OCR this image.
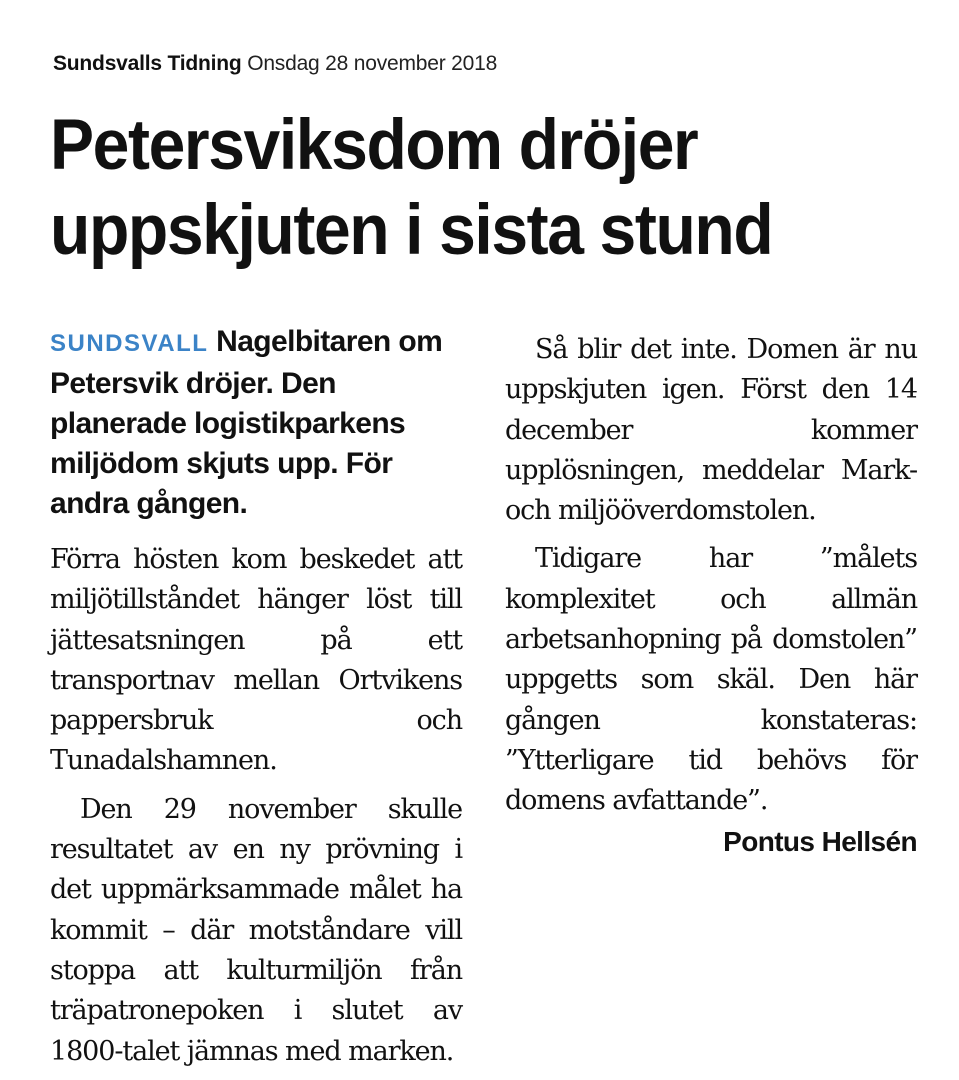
Sundsvalls Tidning Onsdag 28 november 2018
Petersviksdom dröjer
uppskjuten i sista stund

SUNDSVALL Nagelbitaren om Petersvik dröjer. Den planerade logistikparkens miljödom skjuts upp. För andra gången.

Förra hösten kom beskedet att miljötillståndet hänger löst till jättesatsningen på ett transportnav mellan Ortvikens pappersbruk och Tunadalshamnen.

Den 29 november skulle resultatet av en ny prövning i det uppmärksammade målet ha kommit – där motståndare vill stoppa att kulturmiljön från träpatronepoken i slutet av 1800-talet jämnas med marken.

Så blir det inte. Domen är nu uppskjuten igen. Först den 14 december kommer upplösningen, meddelar Mark- och miljööverdomstolen.

Tidigare har ”målets komplexitet och allmän arbetsanhopning på domstolen” uppgetts som skäl. Den här gången konstateras: ”Ytterligare tid behövs för domens avfattande”.

Pontus Hellsén
